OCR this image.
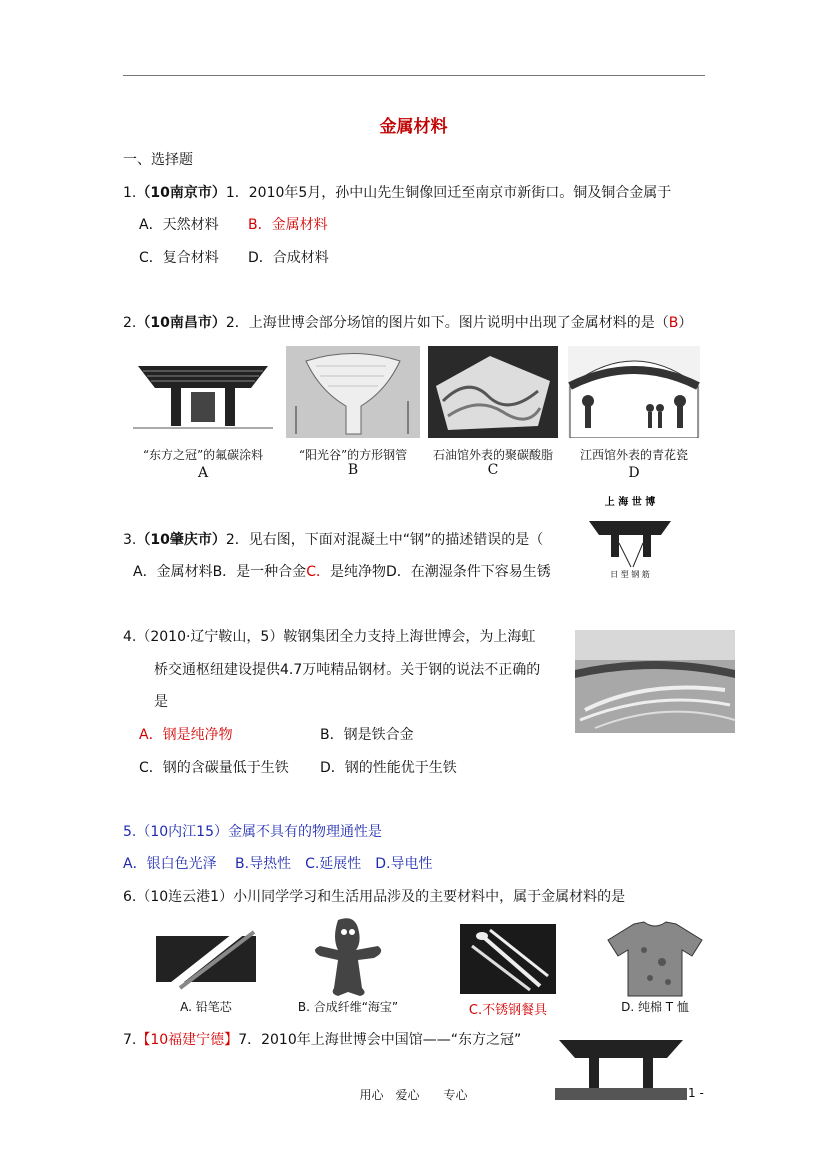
金属材料
一、选择题
1.（10南京市）1．2010年5月，孙中山先生铜像回迁至南京市新街口。铜及铜合金属于
A．天然材料 B．金属材料
C．复合材料 D．合成材料
2.（10南昌市）2．上海世博会部分场馆的图片如下。图片说明中出现了金属材料的是（B）
“东方之冠”的氟碳涂料
A
“阳光谷”的方形钢管
B
石油馆外表的聚碳酸脂
C
江西馆外表的青花瓷
D
3.（10肇庆市）2．见右图，下面对混凝土中“钢”的描述错误的是（
A．金属材料B．是一种合金C．是纯净物D．在潮湿条件下容易生锈
上 海 世 博
日 型 钢 筋
4.（2010·辽宁鞍山，5）鞍钢集团全力支持上海世博会，为上海虹
桥交通枢纽建设提供4.7万吨精品钢材。关于钢的说法不正确的
是
A．钢是纯净物	B．钢是铁合金
C．钢的含碳量低于生铁 D．钢的性能优于生铁
5.（10内江15）金属不具有的物理通性是
A．银白色光泽　 B.导热性　C.延展性　D.导电性
6.（10连云港1）小川同学学习和生活用品涉及的主要材料中，属于金属材料的是
A. 铅笔芯	B. 合成纤维“海宝”	C.不锈钢餐具	D. 纯棉 T 恤
7.【10福建宁德】7．2010年上海世博会中国馆——“东方之冠”
用心　爱心　　专心	1 -
